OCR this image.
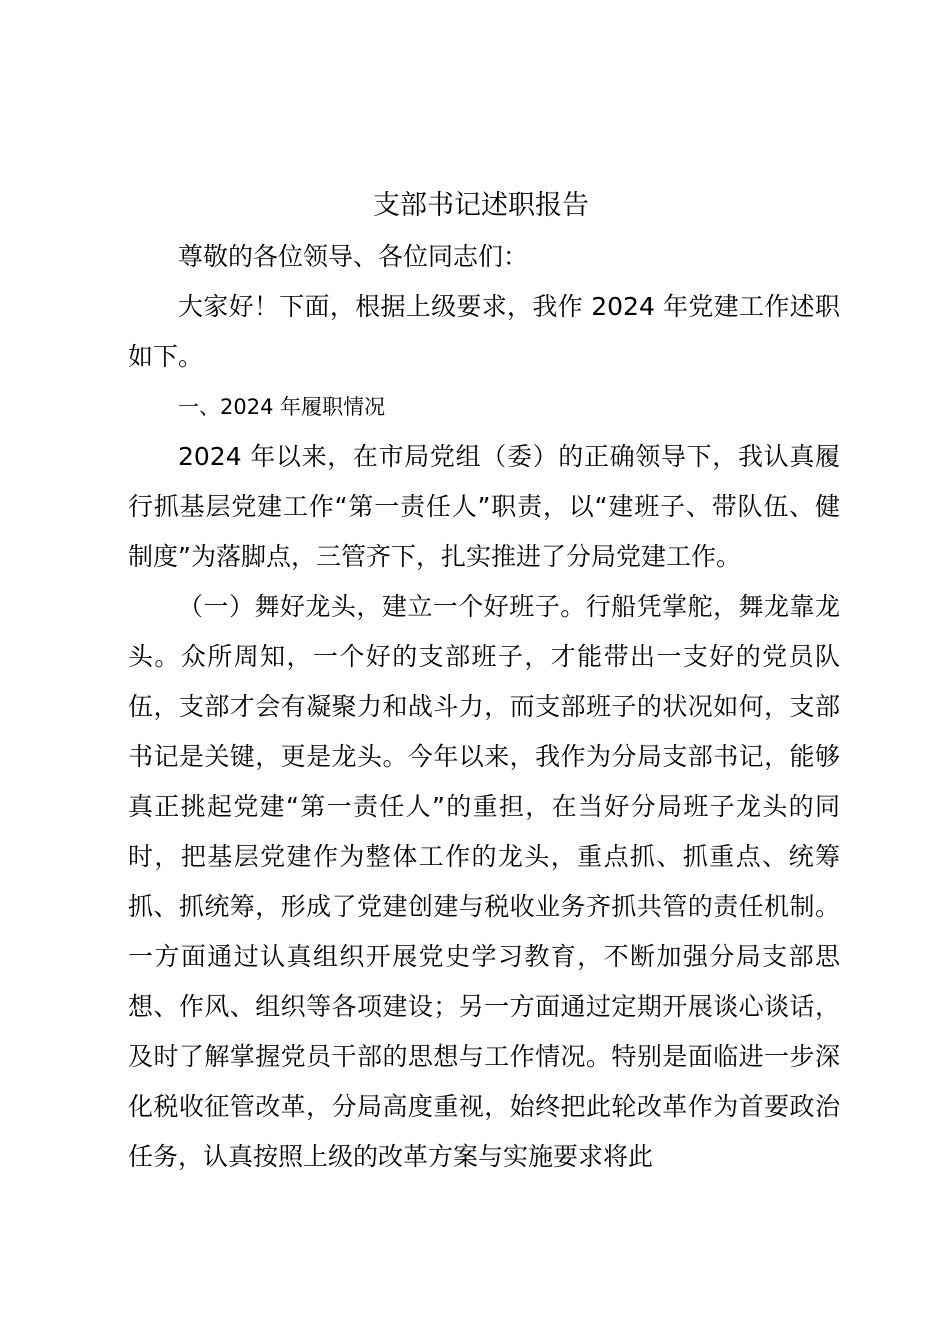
支部书记述职报告

尊敬的各位领导、各位同志们：

大家好！下面，根据上级要求，我作 2024 年党建工作述职如下。

一、2024 年履职情况

2024 年以来，在市局党组（委）的正确领导下，我认真履行抓基层党建工作“第一责任人”职责，以“建班子、带队伍、健制度”为落脚点，三管齐下，扎实推进了分局党建工作。

（一）舞好龙头，建立一个好班子。行船凭掌舵，舞龙靠龙头。众所周知，一个好的支部班子，才能带出一支好的党员队伍，支部才会有凝聚力和战斗力，而支部班子的状况如何，支部书记是关键，更是龙头。今年以来，我作为分局支部书记，能够真正挑起党建“第一责任人”的重担，在当好分局班子龙头的同时，把基层党建作为整体工作的龙头，重点抓、抓重点、统筹抓、抓统筹，形成了党建创建与税收业务齐抓共管的责任机制。一方面通过认真组织开展党史学习教育，不断加强分局支部思想、作风、组织等各项建设；另一方面通过定期开展谈心谈话，及时了解掌握党员干部的思想与工作情况。特别是面临进一步深化税收征管改革，分局高度重视，始终把此轮改革作为首要政治任务，认真按照上级的改革方案与实施要求将此
